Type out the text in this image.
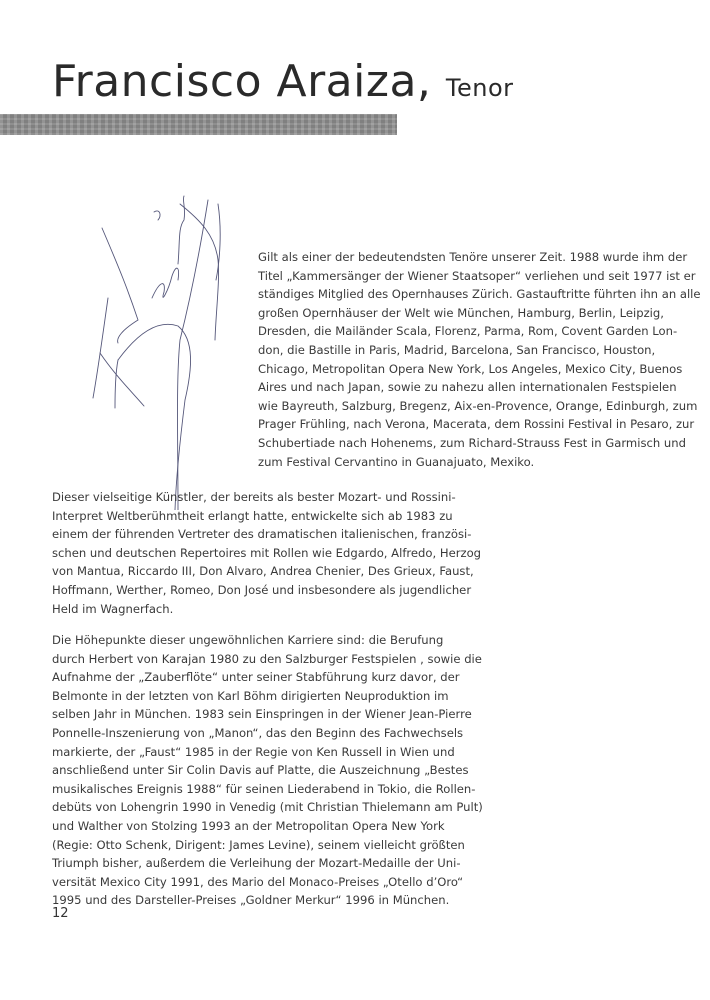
Francisco Araiza, Tenor

Gilt als einer der bedeutendsten Tenöre unserer Zeit. 1988 wurde ihm der
Titel „Kammersänger der Wiener Staatsoper“ verliehen und seit 1977 ist er
ständiges Mitglied des Opernhauses Zürich. Gastauftritte führten ihn an alle
großen Opernhäuser der Welt wie München, Hamburg, Berlin, Leipzig,
Dresden, die Mailänder Scala, Florenz, Parma, Rom, Covent Garden Lon-
don, die Bastille in Paris, Madrid, Barcelona, San Francisco, Houston,
Chicago, Metropolitan Opera New York, Los Angeles, Mexico City, Buenos
Aires und nach Japan, sowie zu nahezu allen internationalen Festspielen
wie Bayreuth, Salzburg, Bregenz, Aix-en-Provence, Orange, Edinburgh, zum
Prager Frühling, nach Verona, Macerata, dem Rossini Festival in Pesaro, zur
Schubertiade nach Hohenems, zum Richard-Strauss Fest in Garmisch und
zum Festival Cervantino in Guanajuato, Mexiko.

Dieser vielseitige Künstler, der bereits als bester Mozart- und Rossini-
Interpret Weltberühmtheit erlangt hatte, entwickelte sich ab 1983 zu
einem der führenden Vertreter des dramatischen italienischen, französi-
schen und deutschen Repertoires mit Rollen wie Edgardo, Alfredo, Herzog
von Mantua, Riccardo III, Don Alvaro, Andrea Chenier, Des Grieux, Faust,
Hoffmann, Werther, Romeo, Don José und insbesondere als jugendlicher
Held im Wagnerfach.

Die Höhepunkte dieser ungewöhnlichen Karriere sind: die Berufung
durch Herbert von Karajan 1980 zu den Salzburger Festspielen , sowie die
Aufnahme der „Zauberflöte“ unter seiner Stabführung kurz davor, der
Belmonte in der letzten von Karl Böhm dirigierten Neuproduktion im
selben Jahr in München. 1983 sein Einspringen in der Wiener Jean-Pierre
Ponnelle-Inszenierung von „Manon“, das den Beginn des Fachwechsels
markierte, der „Faust“ 1985 in der Regie von Ken Russell in Wien und
anschließend unter Sir Colin Davis auf Platte, die Auszeichnung „Bestes
musikalisches Ereignis 1988“ für seinen Liederabend in Tokio, die Rollen-
debüts von Lohengrin 1990 in Venedig (mit Christian Thielemann am Pult)
und Walther von Stolzing 1993 an der Metropolitan Opera New York
(Regie: Otto Schenk, Dirigent: James Levine), seinem vielleicht größten
Triumph bisher, außerdem die Verleihung der Mozart-Medaille der Uni-
versität Mexico City 1991, des Mario del Monaco-Preises „Otello d’Oro“
1995 und des Darsteller-Preises „Goldner Merkur“ 1996 in München.

12
